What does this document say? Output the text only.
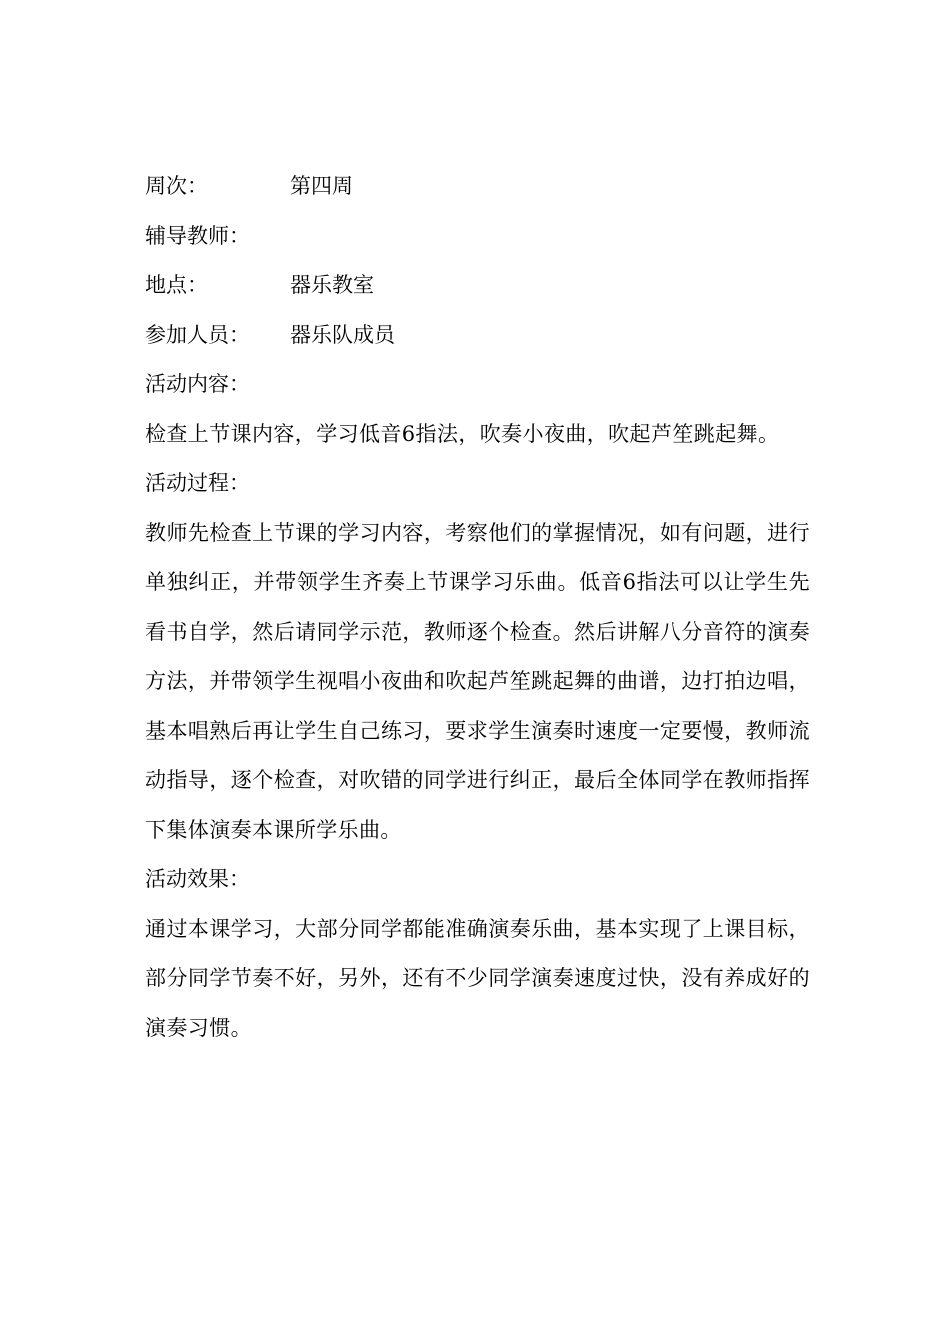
周次：	第四周
辅导教师：
地点：	器乐教室
参加人员：	器乐队成员
活动内容：

检查上节课内容，学习低音6指法，吹奏小夜曲，吹起芦笙跳起舞。

活动过程：

教师先检查上节课的学习内容，考察他们的掌握情况，如有问题，进行单独纠正，并带领学生齐奏上节课学习乐曲。低音6指法可以让学生先看书自学，然后请同学示范，教师逐个检查。然后讲解八分音符的演奏方法，并带领学生视唱小夜曲和吹起芦笙跳起舞的曲谱，边打拍边唱，基本唱熟后再让学生自己练习，要求学生演奏时速度一定要慢，教师流动指导，逐个检查，对吹错的同学进行纠正，最后全体同学在教师指挥下集体演奏本课所学乐曲。

活动效果：

通过本课学习，大部分同学都能准确演奏乐曲，基本实现了上课目标，部分同学节奏不好，另外，还有不少同学演奏速度过快，没有养成好的演奏习惯。
